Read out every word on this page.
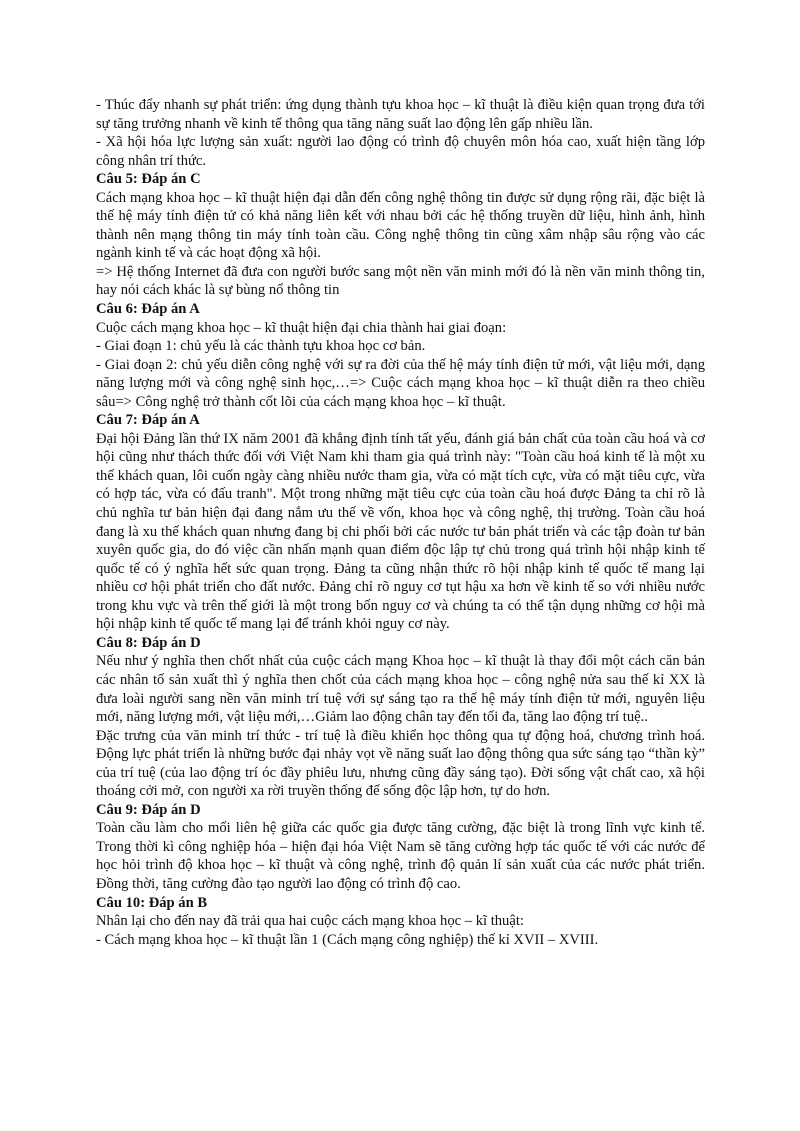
- Thúc đẩy nhanh sự phát triển: ứng dụng thành tựu khoa học – kĩ thuật là điều kiện quan trọng đưa tới sự tăng trưởng nhanh về kinh tế thông qua tăng năng suất lao động lên gấp nhiều lần.

- Xã hội hóa lực lượng sản xuất: người lao động có trình độ chuyên môn hóa cao, xuất hiện tầng lớp công nhân trí thức.

Câu 5: Đáp án C

Cách mạng khoa học – kĩ thuật hiện đại dẫn đến công nghệ thông tin được sử dụng rộng rãi, đặc biệt là thế hệ máy tính điện tử có khả năng liên kết với nhau bởi các hệ thống truyền dữ liệu, hình ảnh, hình thành nên mạng thông tin máy tính toàn cầu. Công nghệ thông tin cũng xâm nhập sâu rộng vào các ngành kinh tế và các hoạt động xã hội.

=> Hệ thống Internet đã đưa con người bước sang một nền văn minh mới đó là nền văn minh thông tin, hay nói cách khác là sự bùng nổ thông tin

Câu 6: Đáp án A

Cuộc cách mạng khoa học – kĩ thuật hiện đại chia thành hai giai đoạn:

- Giai đoạn 1: chủ yếu là các thành tựu khoa học cơ bản.

- Giai đoạn 2: chủ yếu diễn công nghệ với sự ra đời của thế hệ máy tính điện tử mới, vật liệu mới, dạng năng lượng mới và công nghệ sinh học,…=> Cuộc cách mạng khoa học – kĩ thuật diễn ra theo chiều sâu=> Công nghệ trở thành cốt lõi của cách mạng khoa học – kĩ thuật.

Câu 7: Đáp án A

Đại hội Đảng lần thứ IX năm 2001 đã khẳng định tính tất yếu, đánh giá bản chất của toàn cầu hoá và cơ hội cũng như thách thức đối với Việt Nam khi tham gia quá trình này: "Toàn cầu hoá kinh tế là một xu thế khách quan, lôi cuốn ngày càng nhiều nước tham gia, vừa có mặt tích cực, vừa có mặt tiêu cực, vừa có hợp tác, vừa có đấu tranh". Một trong những mặt tiêu cực của toàn cầu hoá được Đảng ta chỉ rõ là chủ nghĩa tư bản hiện đại đang nắm ưu thế về vốn, khoa học và công nghệ, thị trường. Toàn cầu hoá đang là xu thế khách quan nhưng đang bị chi phối bởi các nước tư bản phát triển và các tập đoàn tư bản xuyên quốc gia, do đó việc cần nhấn mạnh quan điểm độc lập tự chủ trong quá trình hội nhập kinh tế quốc tế có ý nghĩa hết sức quan trọng. Đảng ta cũng nhận thức rõ hội nhập kinh tế quốc tế mang lại nhiều cơ hội phát triển cho đất nước. Đảng chỉ rõ nguy cơ tụt hậu xa hơn về kinh tế so với nhiều nước trong khu vực và trên thế giới là một trong bốn nguy cơ và chúng ta có thể tận dụng những cơ hội mà hội nhập kinh tế quốc tế mang lại để tránh khỏi nguy cơ này.

Câu 8: Đáp án D

Nếu như ý nghĩa then chốt nhất của cuộc cách mạng Khoa học – kĩ thuật là thay đổi một cách căn bản các nhân tố sản xuất thì ý nghĩa then chốt của cách mạng khoa học – công nghệ nửa sau thế kỉ XX là đưa loài người sang nền văn minh trí tuệ với sự sáng tạo ra thế hệ máy tính điện tử mới, nguyên liệu mới, năng lượng mới, vật liệu mới,…Giảm lao động chân tay đến tối đa, tăng lao động trí tuệ..

Đặc trưng của văn minh trí thức - trí tuệ là điều khiển học thông qua tự động hoá, chương trình hoá. Động lực phát triển là những bước đại nhảy vọt về năng suất lao động thông qua sức sáng tạo “thần kỳ” của trí tuệ (của lao động trí óc đầy phiêu lưu, nhưng cũng đầy sáng tạo). Đời sống vật chất cao, xã hội thoáng cởi mở, con người xa rời truyền thống để sống độc lập hơn, tự do hơn.

Câu 9: Đáp án D

Toàn cầu làm cho mối liên hệ giữa các quốc gia được tăng cường, đặc biệt là trong lĩnh vực kinh tế. Trong thời kì công nghiệp hóa – hiện đại hóa Việt Nam sẽ tăng cường hợp tác quốc tế với các nước để học hỏi trình độ khoa học – kĩ thuật và công nghệ, trình độ quản lí sản xuất của các nước phát triển. Đồng thời, tăng cường đào tạo người lao động có trình độ cao.

Câu 10: Đáp án B

Nhân lại cho đến nay đã trải qua hai cuộc cách mạng khoa học – kĩ thuật:

- Cách mạng khoa học – kĩ thuật lần 1 (Cách mạng công nghiệp) thế kỉ XVII – XVIII.
